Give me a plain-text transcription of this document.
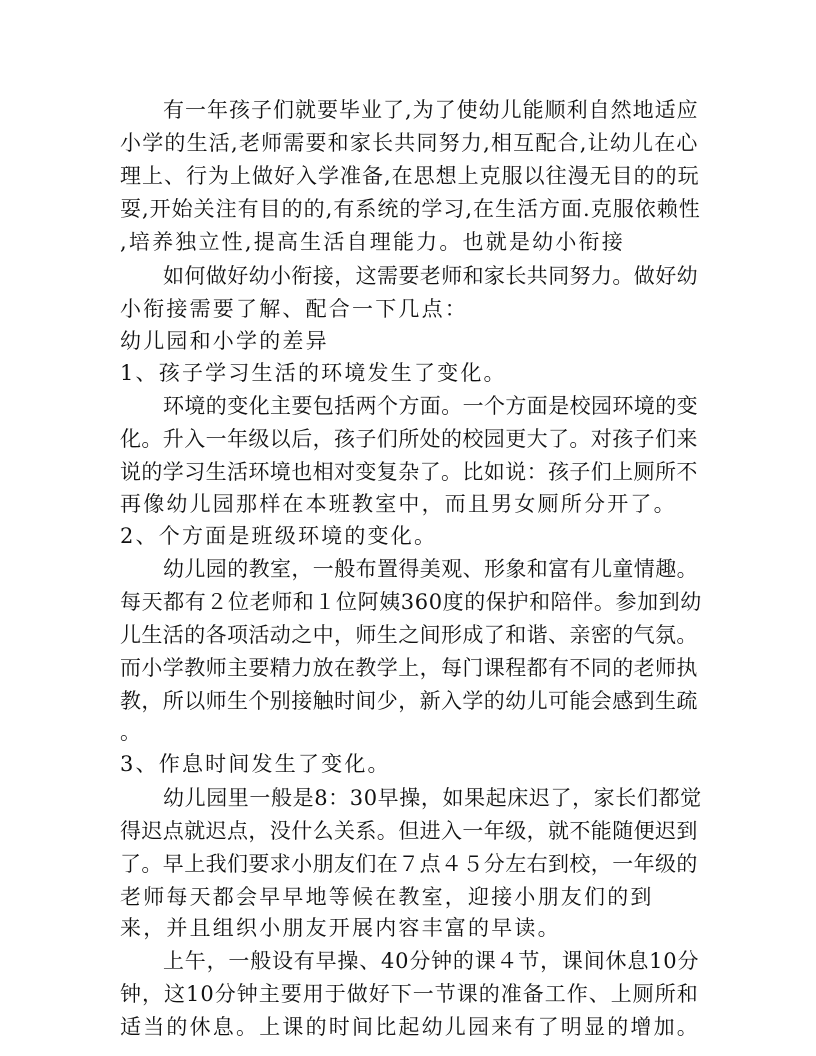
有一年孩子们就要毕业了,为了使幼儿能顺利自然地适应
小学的生活,老师需要和家长共同努力,相互配合,让幼儿在心
理上、行为上做好入学准备,在思想上克服以往漫无目的的玩
耍,开始关注有目的的,有系统的学习,在生活方面.克服依赖性
,培养独立性,提高生活自理能力。也就是幼小衔接
如何做好幼小衔接，这需要老师和家长共同努力。做好幼
小衔接需要了解、配合一下几点：
幼儿园和小学的差异
1、孩子学习生活的环境发生了变化。
环境的变化主要包括两个方面。一个方面是校园环境的变
化。升入一年级以后，孩子们所处的校园更大了。对孩子们来
说的学习生活环境也相对变复杂了。比如说：孩子们上厕所不
再像幼儿园那样在本班教室中，而且男女厕所分开了。
2、个方面是班级环境的变化。
幼儿园的教室，一般布置得美观、形象和富有儿童情趣。
每天都有２位老师和１位阿姨360度的保护和陪伴。参加到幼
儿生活的各项活动之中，师生之间形成了和谐、亲密的气氛。
而小学教师主要精力放在教学上，每门课程都有不同的老师执
教，所以师生个别接触时间少，新入学的幼儿可能会感到生疏
。
3、作息时间发生了变化。
幼儿园里一般是8：30早操，如果起床迟了，家长们都觉
得迟点就迟点，没什么关系。但进入一年级，就不能随便迟到
了。早上我们要求小朋友们在７点４５分左右到校，一年级的
老师每天都会早早地等候在教室，迎接小朋友们的到
来，并且组织小朋友开展内容丰富的早读。
上午，一般设有早操、40分钟的课４节，课间休息10分
钟，这10分钟主要用于做好下一节课的准备工作、上厕所和
适当的休息。上课的时间比起幼儿园来有了明显的增加。
